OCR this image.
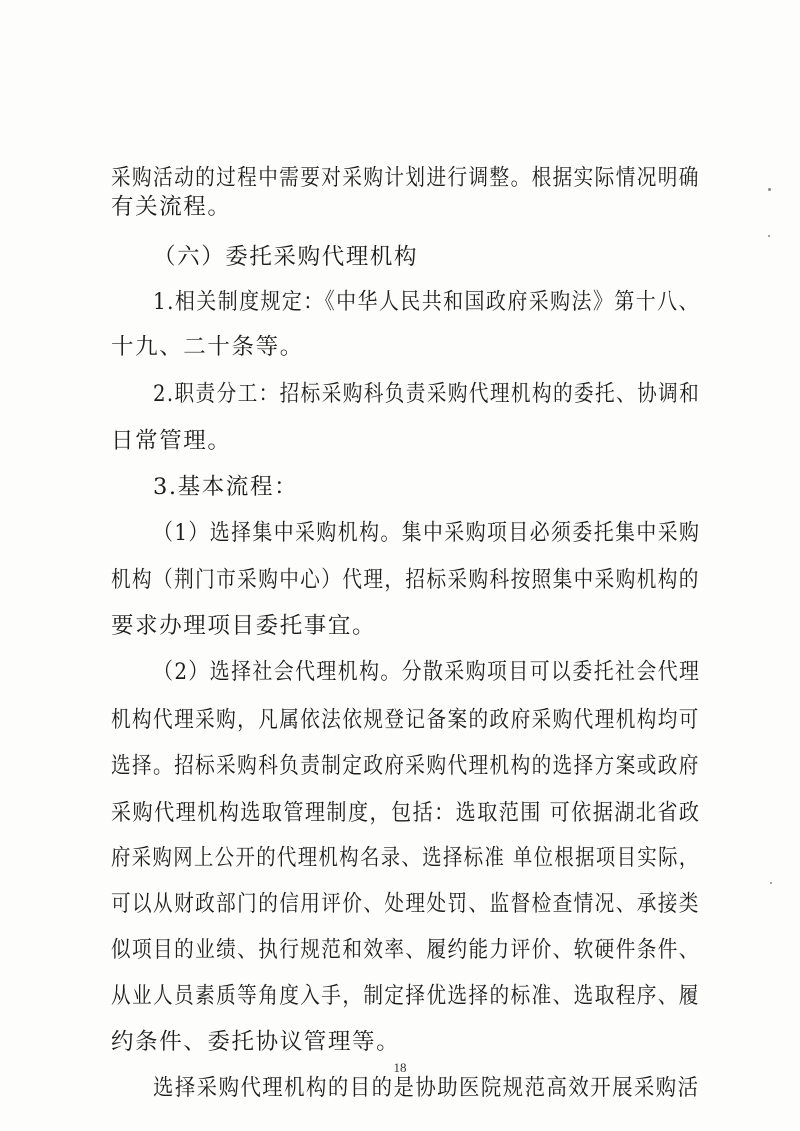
采购活动的过程中需要对采购计划进行调整。根据实际情况明确
有关流程。
（六）委托采购代理机构
1.相关制度规定：《中华人民共和国政府采购法》第十八、
十九、二十条等。
2.职责分工：招标采购科负责采购代理机构的委托、协调和
日常管理。
3.基本流程：
（1）选择集中采购机构。集中采购项目必须委托集中采购
机构（荆门市采购中心）代理，招标采购科按照集中采购机构的
要求办理项目委托事宜。
（2）选择社会代理机构。分散采购项目可以委托社会代理
机构代理采购，凡属依法依规登记备案的政府采购代理机构均可
选择。招标采购科负责制定政府采购代理机构的选择方案或政府
采购代理机构选取管理制度，包括：选取范围 可依据湖北省政
府采购网上公开的代理机构名录、选择标准 单位根据项目实际，
可以从财政部门的信用评价、处理处罚、监督检查情况、承接类
似项目的业绩、执行规范和效率、履约能力评价、软硬件条件、
从业人员素质等角度入手，制定择优选择的标准、选取程序、履
约条件、委托协议管理等。
选择采购代理机构的目的是协助医院规范高效开展采购活
18
